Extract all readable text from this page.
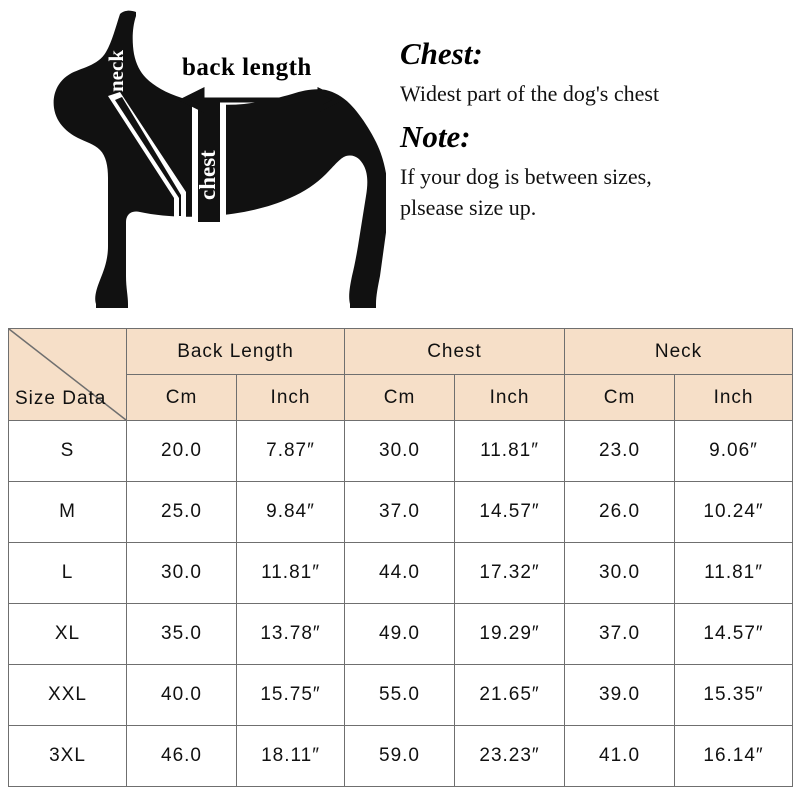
back length
neck
chest

Chest:

Widest part of the dog's chest

Note:

If your dog is between sizes,

plsease size up.

Size Data	Back Length		Chest		Neck	
	Cm	Inch	Cm	Inch	Cm	Inch
S	20.0	7.87″	30.0	11.81″	23.0	9.06″
M	25.0	9.84″	37.0	14.57″	26.0	10.24″
L	30.0	11.81″	44.0	17.32″	30.0	11.81″
XL	35.0	13.78″	49.0	19.29″	37.0	14.57″
XXL	40.0	15.75″	55.0	21.65″	39.0	15.35″
3XL	46.0	18.11″	59.0	23.23″	41.0	16.14″
